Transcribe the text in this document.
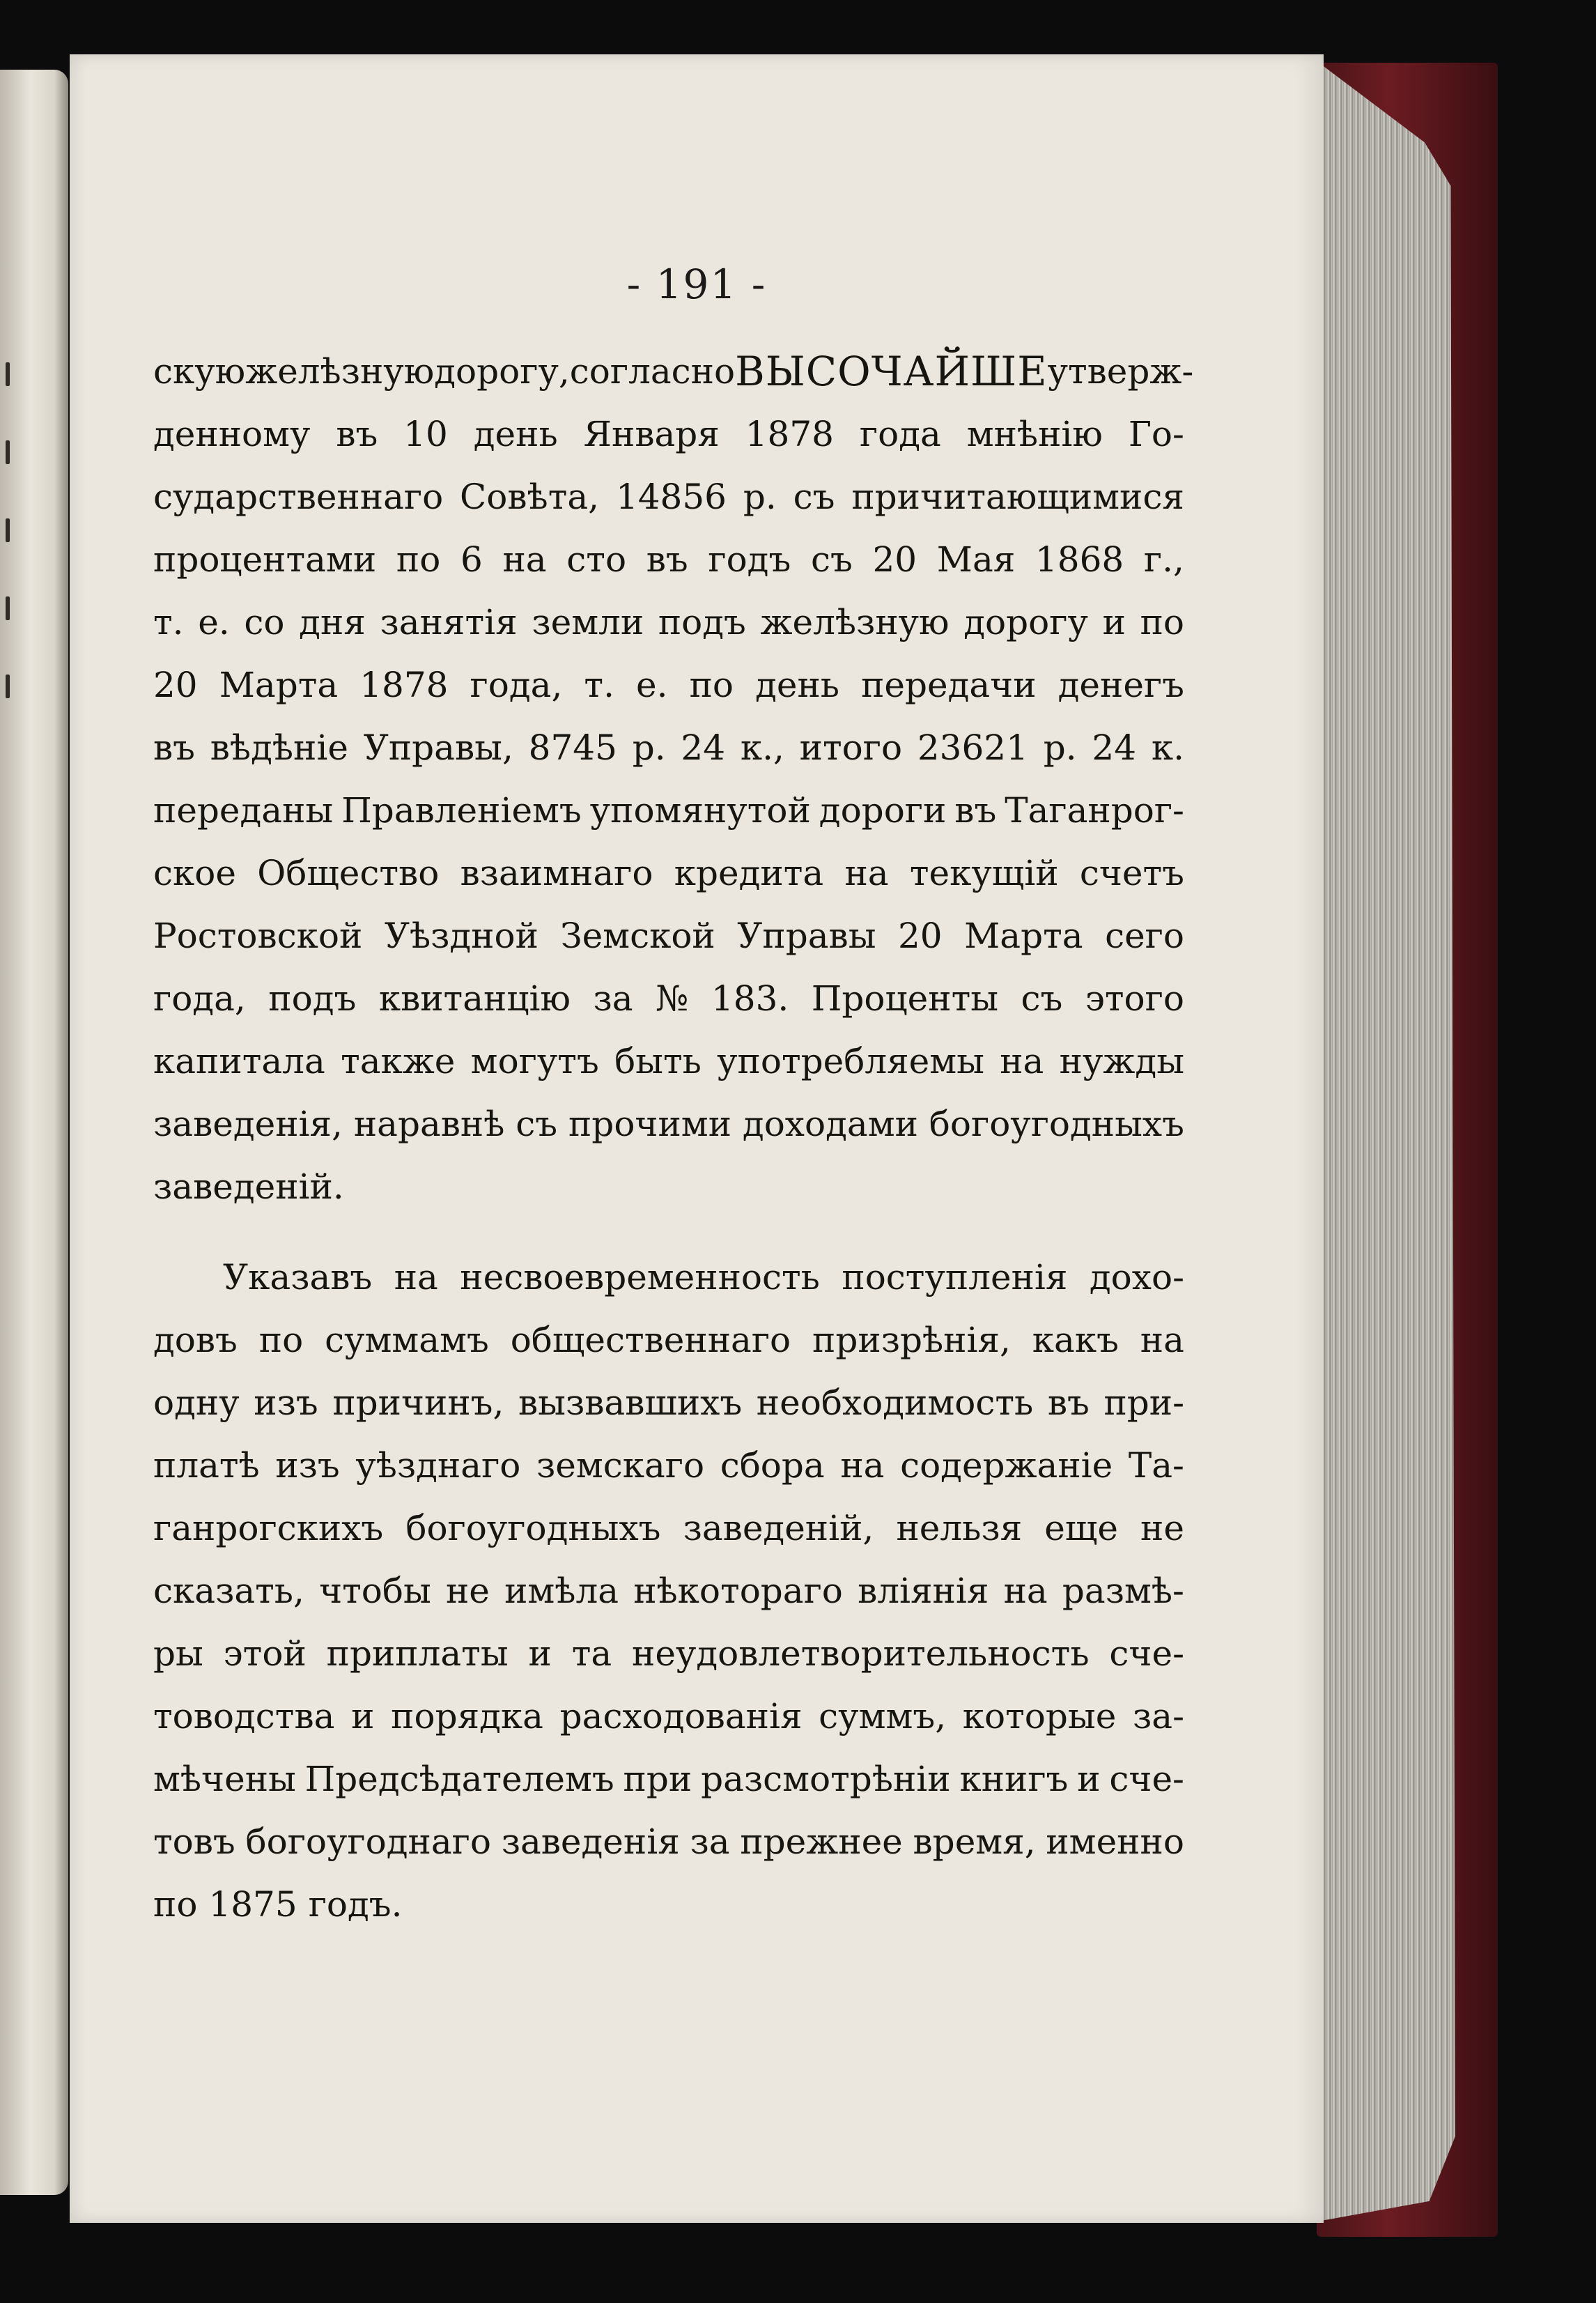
- 191 -
скую желѣзную дорогу, согласно ВЫСОЧАЙШЕ утверж-
денному въ 10 день Января 1878 года мнѣнію Го-
сударственнаго Совѣта, 14856 р. съ причитающимися
процентами по 6 на сто въ годъ съ 20 Мая 1868 г.,
т. е. со дня занятія земли подъ желѣзную дорогу и по
20 Марта 1878 года, т. е. по день передачи денегъ
въ вѣдѣніе Управы, 8745 р. 24 к., итого 23621 р. 24 к.
переданы Правленіемъ упомянутой дороги въ Таганрог-
ское Общество взаимнаго кредита на текущій счетъ
Ростовской Уѣздной Земской Управы 20 Марта сего
года, подъ квитанцію за № 183. Проценты съ этого
капитала также могутъ быть употребляемы на нужды
заведенія, наравнѣ съ прочими доходами богоугодныхъ
заведеній.
Указавъ на несвоевременность поступленія дохо-
довъ по суммамъ общественнаго призрѣнія, какъ на
одну изъ причинъ, вызвавшихъ необходимость въ при-
платѣ изъ уѣзднаго земскаго сбора на содержаніе Та-
ганрогскихъ богоугодныхъ заведеній, нельзя еще не
сказать, чтобы не имѣла нѣкотораго вліянія на размѣ-
ры этой приплаты и та неудовлетворительность сче-
товодства и порядка расходованія суммъ, которые за-
мѣчены Предсѣдателемъ при разсмотрѣніи книгъ и сче-
товъ богоугоднаго заведенія за прежнее время, именно
по 1875 годъ.
